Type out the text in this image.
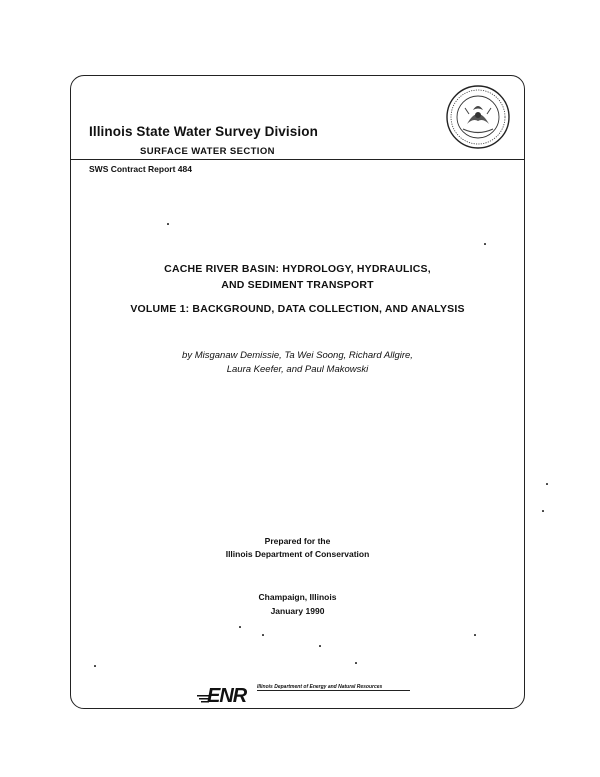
Illinois State Water Survey Division
SURFACE WATER SECTION
SWS Contract Report 484
CACHE RIVER BASIN: HYDROLOGY, HYDRAULICS,
AND SEDIMENT TRANSPORT
VOLUME 1: BACKGROUND, DATA COLLECTION, AND ANALYSIS
by Misganaw Demissie, Ta Wei Soong, Richard Allgire,
Laura Keefer, and Paul Makowski
Prepared for the
Illinois Department of Conservation
Champaign, Illinois
January 1990
ENR	Illinois Department of Energy and Natural Resources
